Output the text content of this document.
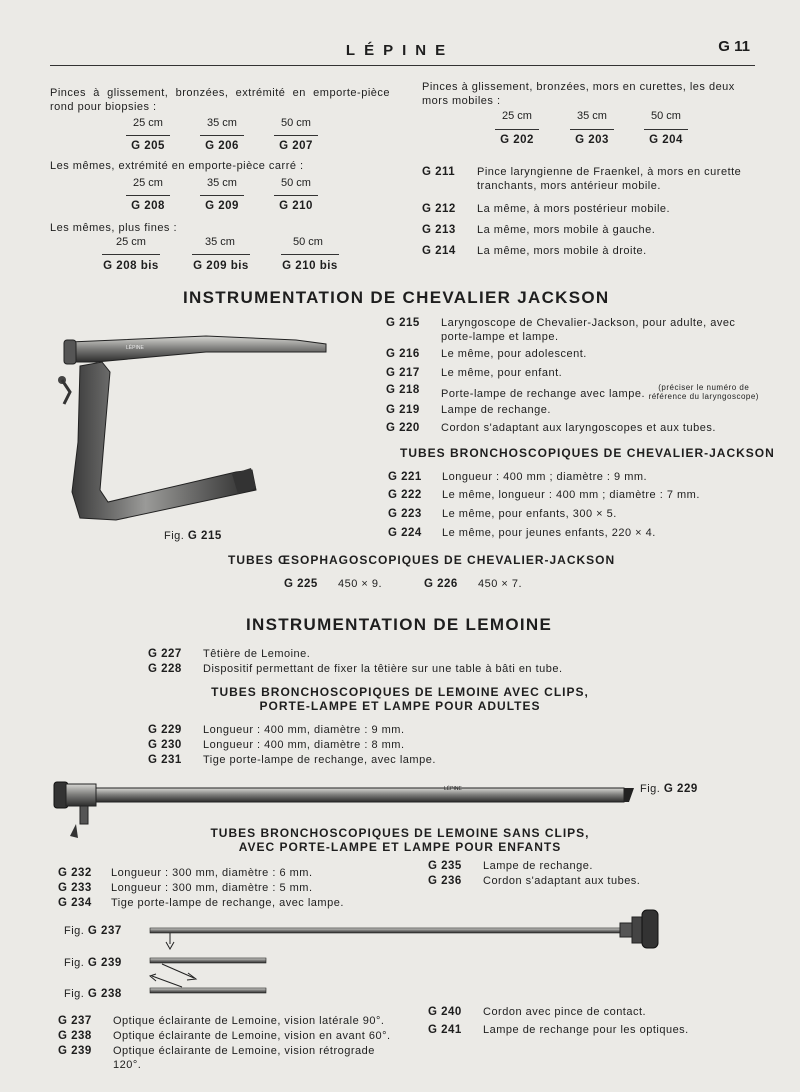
LÉPINE	G 11
Pinces à glissement, bronzées, extrémité en emporte-pièce rond pour biopsies :
25 cm	35 cm	50 cm
G 205	G 206	G 207
Les mêmes, extrémité en emporte-pièce carré :
25 cm	35 cm	50 cm
G 208	G 209	G 210
Les mêmes, plus fines :
25 cm	35 cm	50 cm
G 208 bis	G 209 bis	G 210 bis
Pinces à glissement, bronzées, mors en curettes, les deux mors mobiles :
25 cm	35 cm	50 cm
G 202	G 203	G 204
G 211	Pince laryngienne de Fraenkel, à mors en curette tranchants, mors antérieur mobile.
G 212	La même, à mors postérieur mobile.
G 213	La même, mors mobile à gauche.
G 214	La même, mors mobile à droite.
INSTRUMENTATION DE CHEVALIER JACKSON
LÉPINE
Fig. G 215
G 215	Laryngoscope de Chevalier-Jackson, pour adulte, avec porte-lampe et lampe.
G 216	Le même, pour adolescent.
G 217	Le même, pour enfant.
G 218	Porte-lampe de rechange avec lampe. (préciser le numéro de
référence du laryngoscope)
G 219	Lampe de rechange.
G 220	Cordon s'adaptant aux laryngoscopes et aux tubes.
TUBES BRONCHOSCOPIQUES DE CHEVALIER-JACKSON
G 221	Longueur : 400 mm ; diamètre : 9 mm.
G 222	Le même, longueur : 400 mm ; diamètre : 7 mm.
G 223	Le même, pour enfants, 300 × 5.
G 224	Le même, pour jeunes enfants, 220 × 4.
TUBES ŒSOPHAGOSCOPIQUES DE CHEVALIER-JACKSON
G 225	450 × 9.	G 226	450 × 7.
INSTRUMENTATION DE LEMOINE
G 227	Têtière de Lemoine.
G 228	Dispositif permettant de fixer la têtière sur une table à bâti en tube.
TUBES BRONCHOSCOPIQUES DE LEMOINE AVEC CLIPS,
PORTE-LAMPE ET LAMPE POUR ADULTES
G 229	Longueur : 400 mm, diamètre : 9 mm.
G 230	Longueur : 400 mm, diamètre : 8 mm.
G 231	Tige porte-lampe de rechange, avec lampe.
LÉPINE	Fig. G 229
TUBES BRONCHOSCOPIQUES DE LEMOINE SANS CLIPS,
AVEC PORTE-LAMPE ET LAMPE POUR ENFANTS
G 232	Longueur : 300 mm, diamètre : 6 mm.
G 233	Longueur : 300 mm, diamètre : 5 mm.
G 234	Tige porte-lampe de rechange, avec lampe.
G 235	Lampe de rechange.
G 236	Cordon s'adaptant aux tubes.
Fig. G 237
Fig. G 239
Fig. G 238
G 237	Optique éclairante de Lemoine, vision latérale 90°.
G 238	Optique éclairante de Lemoine, vision en avant 60°.
G 239	Optique éclairante de Lemoine, vision rétrograde 120°.
G 240	Cordon avec pince de contact.
G 241	Lampe de rechange pour les optiques.
